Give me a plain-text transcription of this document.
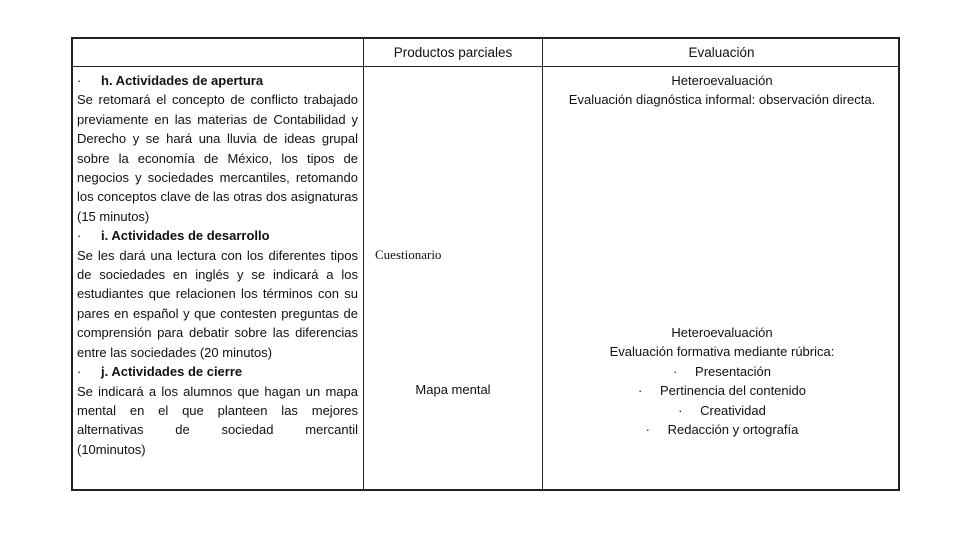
Productos parciales	Evaluación

· h. Actividades de apertura

Se retomará el concepto de conflicto trabajado previamente en las materias de Contabilidad y Derecho y se hará una lluvia de ideas grupal sobre la economía de México, los tipos de negocios y sociedades mercantiles, retomando los conceptos clave de las otras dos asignaturas (15 minutos)

· i. Actividades de desarrollo

Se les dará una lectura con los diferentes tipos de sociedades en inglés y se indicará a los estudiantes que relacionen los términos con su pares en español y que contesten preguntas de comprensión para debatir sobre las diferencias entre las sociedades (20 minutos)

· j. Actividades de cierre

Se indicará a los alumnos que hagan un mapa mental en el que planteen las mejores alternativas de sociedad mercantil

(10minutos)

Cuestionario
Mapa mental

Heteroevaluación

Evaluación diagnóstica informal: observación directa.

Heteroevaluación

Evaluación formativa mediante rúbrica:

· Presentación

· Pertinencia del contenido

· Creatividad

· Redacción y ortografía
